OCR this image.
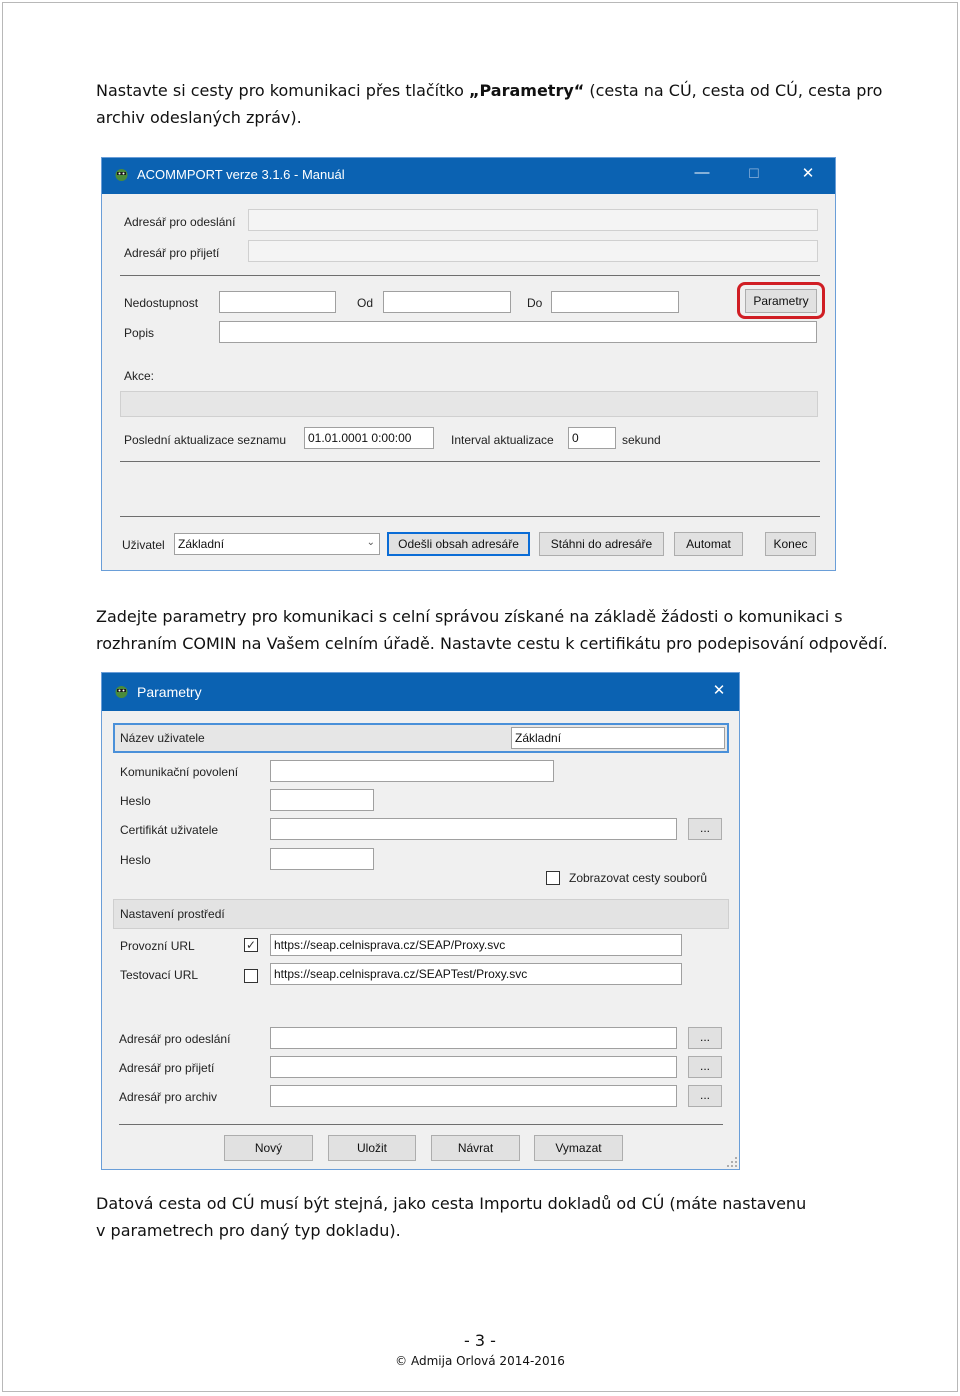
Nastavte si cesty pro komunikaci přes tlačítko „Parametry“ (cesta na CÚ, cesta od CÚ, cesta pro
archiv odeslaných zpráv).
ACOMMPORT verze 3.1.6 - Manuál	—	☐	✕
Adresář pro odeslání
Adresář pro přijetí
Nedostupnost	Od	Do	Parametry
Popis
Akce:
Poslední aktualizace seznamu	01.01.0001 0:00:00	Interval aktualizace	0	sekund
Uživatel	Základní	⌄	Odešli obsah adresáře	Stáhni do adresáře	Automat	Konec
Zadejte parametry pro komunikaci s celní správou získané na základě žádosti o komunikaci s
rozhraním COMIN na Vašem celním úřadě. Nastavte cestu k certifikátu pro podepisování odpovědí.
Parametry	✕
Název uživatele	Základní
Komunikační povolení
Heslo
Certifikát uživatele	...
Heslo
Zobrazovat cesty souborů
Nastavení prostředí
Provozní URL	✓	https://seap.celnisprava.cz/SEAP/Proxy.svc
Testovací URL	https://seap.celnisprava.cz/SEAPTest/Proxy.svc
Adresář pro odeslání	...
Adresář pro přijetí	...
Adresář pro archiv	...
Nový	Uložit	Návrat	Vymazat
Datová cesta od CÚ musí být stejná, jako cesta Importu dokladů od CÚ (máte nastavenu
v parametrech pro daný typ dokladu).
- 3 -
© Admija Orlová 2014-2016
